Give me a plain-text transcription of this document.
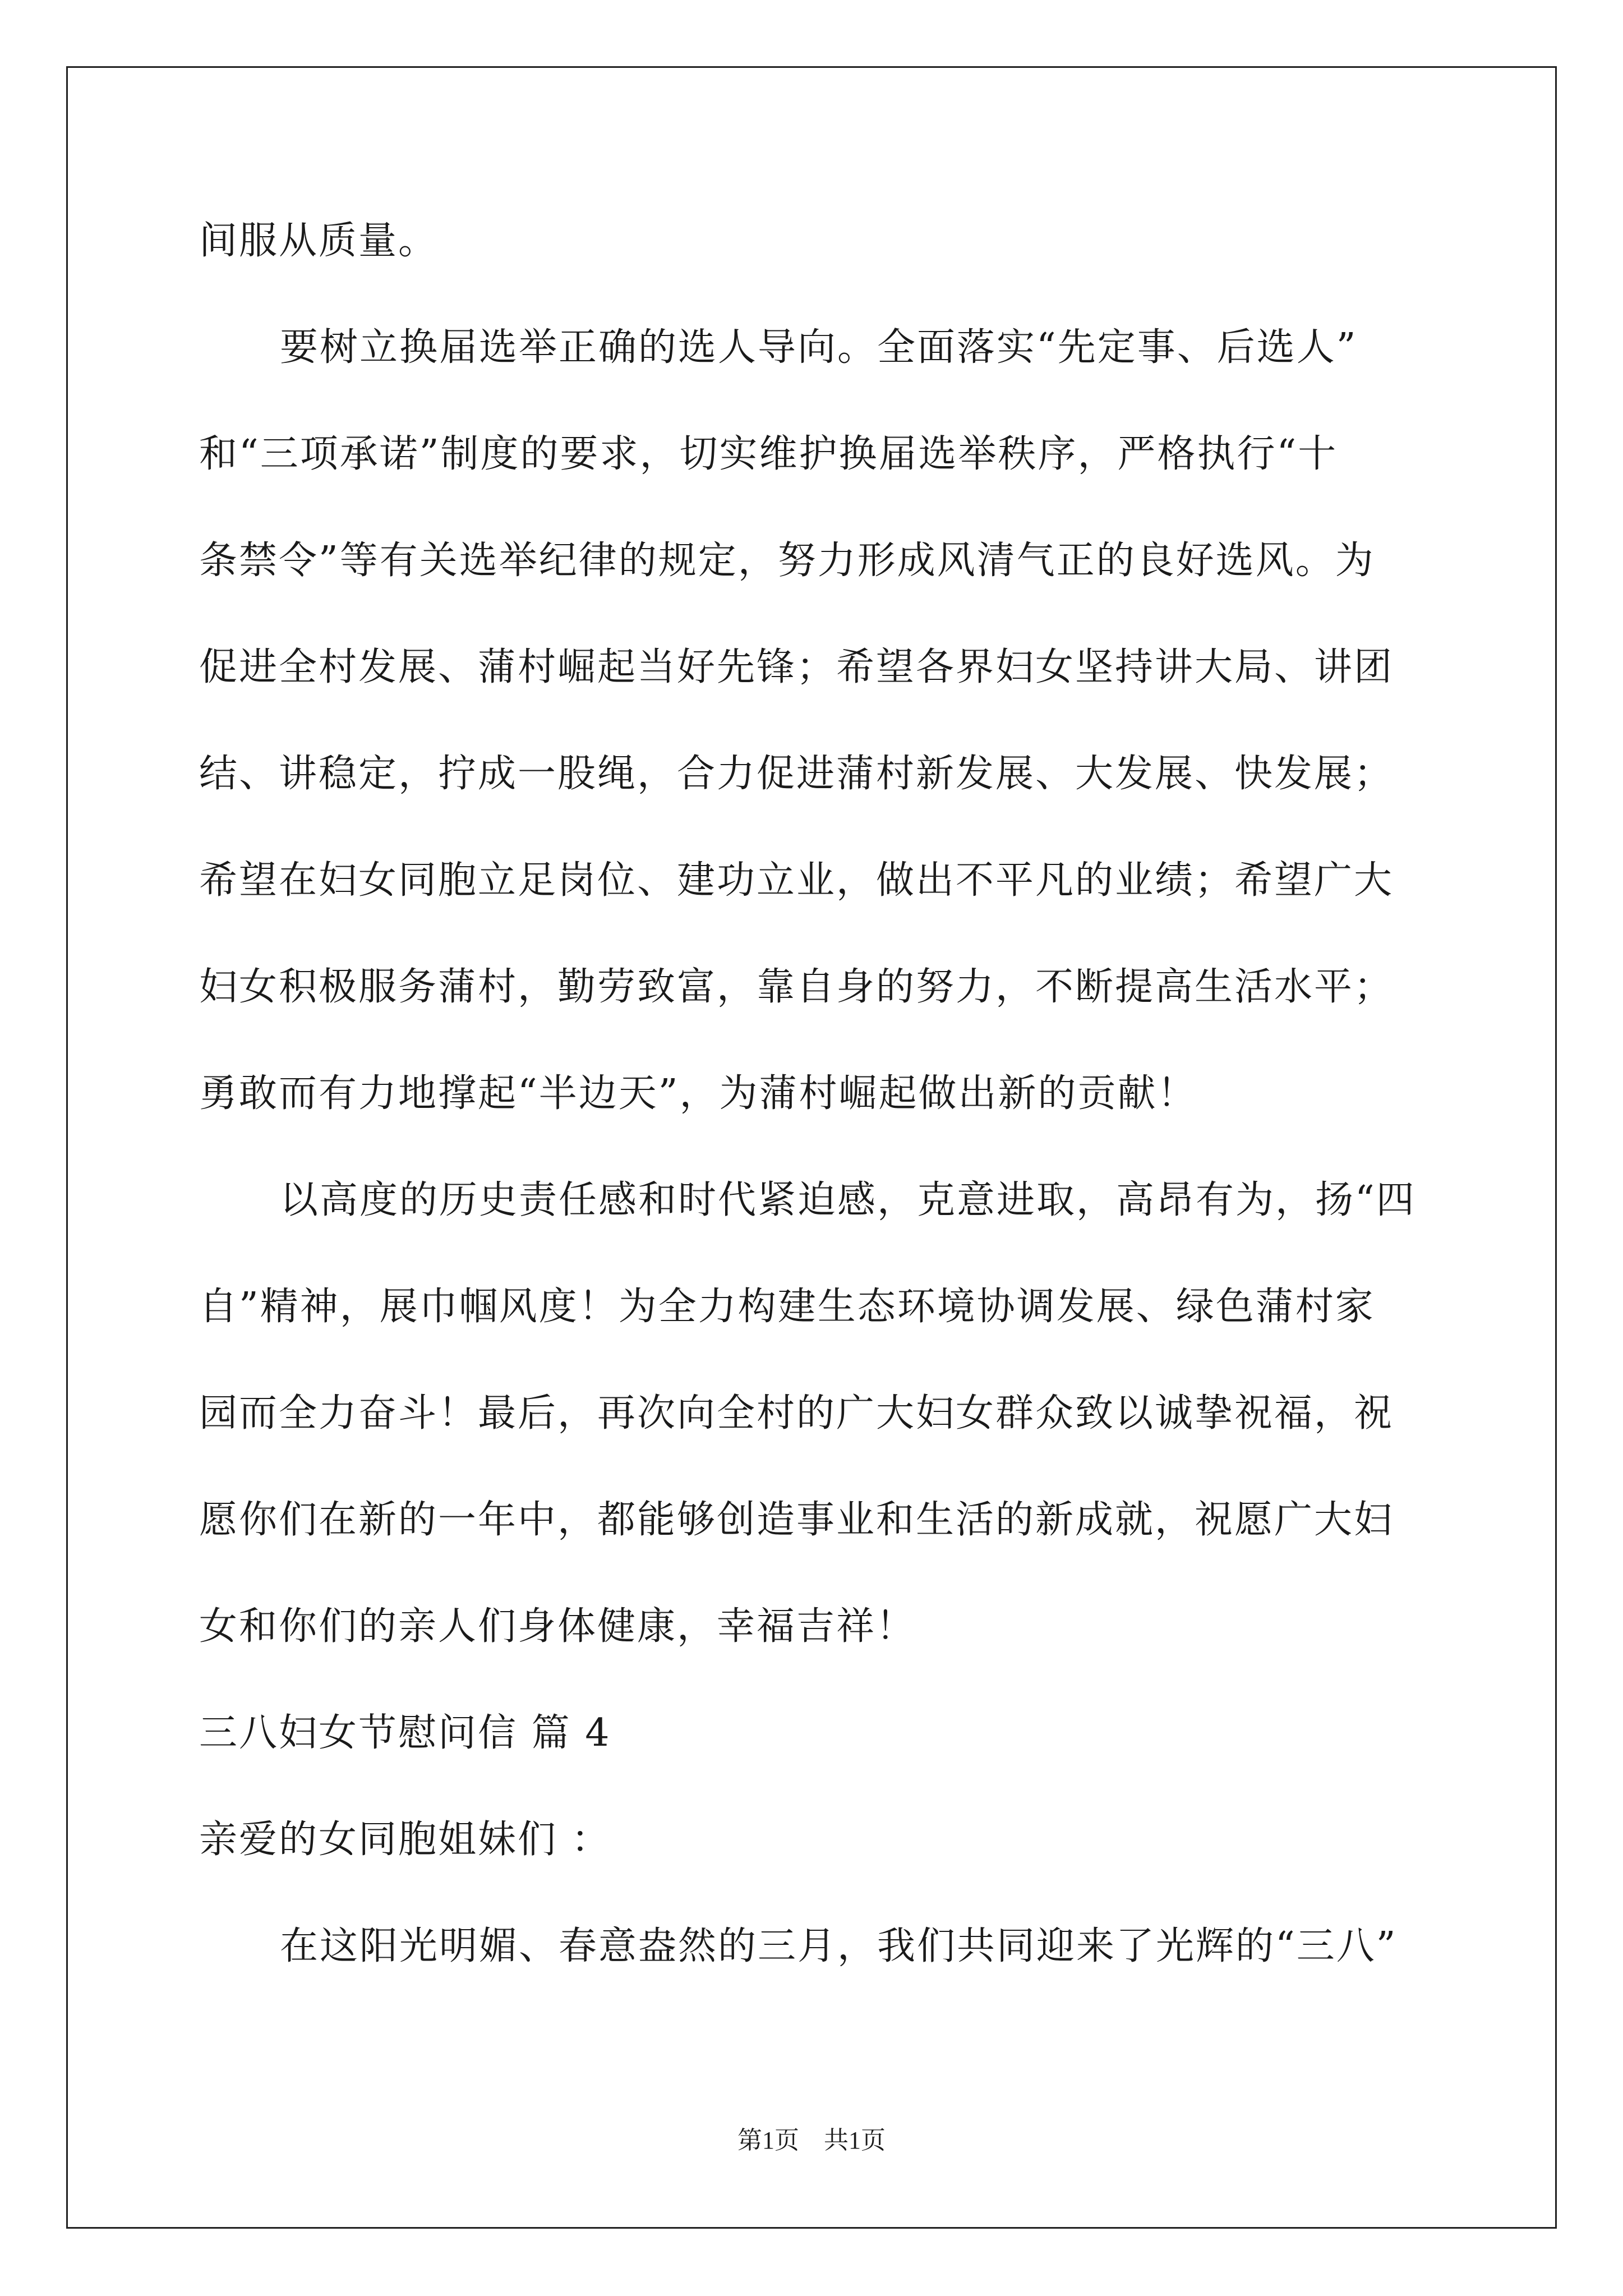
间服从质量。
要树立换届选举正确的选人导向。全面落实“先定事、后选人”
和“三项承诺”制度的要求，切实维护换届选举秩序，严格执行“十
条禁令”等有关选举纪律的规定，努力形成风清气正的良好选风。为
促进全村发展、蒲村崛起当好先锋；希望各界妇女坚持讲大局、讲团
结、讲稳定，拧成一股绳，合力促进蒲村新发展、大发展、快发展；
希望在妇女同胞立足岗位、建功立业，做出不平凡的业绩；希望广大
妇女积极服务蒲村，勤劳致富，靠自身的努力，不断提高生活水平；
勇敢而有力地撑起“半边天”，为蒲村崛起做出新的贡献！
以高度的历史责任感和时代紧迫感，克意进取，高昂有为，扬“四
自”精神，展巾帼风度！为全力构建生态环境协调发展、绿色蒲村家
园而全力奋斗！最后，再次向全村的广大妇女群众致以诚挚祝福，祝
愿你们在新的一年中，都能够创造事业和生活的新成就，祝愿广大妇
女和你们的亲人们身体健康，幸福吉祥！
三八妇女节慰问信 篇 4
亲爱的女同胞姐妹们 ：
在这阳光明媚、春意盎然的三月，我们共同迎来了光辉的“三八”
第1页　共1页
